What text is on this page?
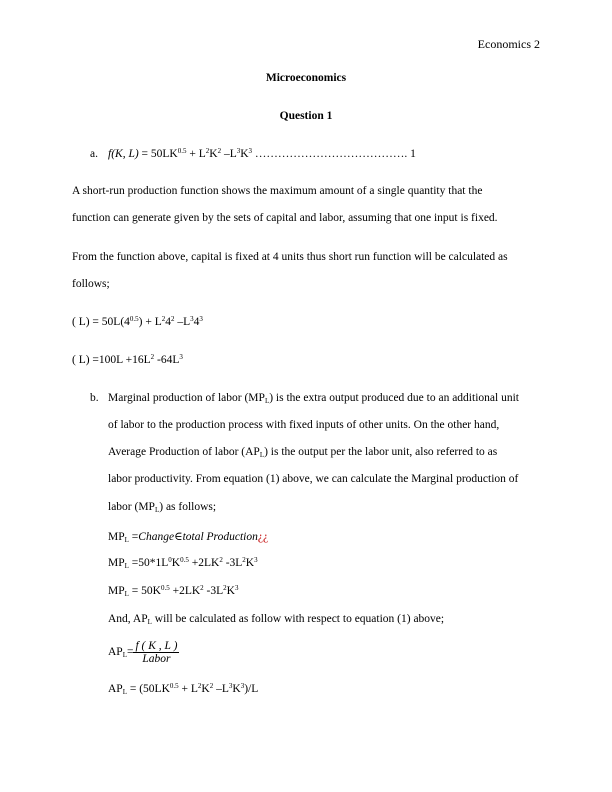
Economics 2
Microeconomics
Question 1
a. f(K, $L) = 50LK^{0.5} + L^2K^2$ $-L^3K^3$ …………………………………. 1
A short-run production function shows the maximum amount of a single quantity that the
function can generate given by the sets of capital and labor, assuming that one input is fixed.
From the function above, capital is fixed at 4 units thus short run function will be calculated as
follows;
( $L) = 50L(4^{0.5}) + L^24^2$ $-L^34^3$
( $L) =100L +16L^2$ $-64L^3$
b. Marginal production of labor $(MP_L)$ is the extra output produced due to an additional unit
of labor to the production process with fixed inputs of other units. On the other hand,
Average Production of labor $(AP_L)$ is the output per the labor unit, also referred to as
labor productivity. From equation (1) above, we can calculate the Marginal production of
labor $(MP_L)$ as follows;
$MP_L$ =Change∈total Production¿¿
$MP_L =50*1L^0K^{0.5} +2LK^2$ $-3L^2K^3$
$MP_L = 50K^{0.5} +2LK^2$ $-3L^2K^3$
And, $AP_L$ will be calculated as follow with respect to equation (1) above;
$AP_L= \frac{f ( K , L )}{\text{Labor}}$
$AP_L = (50LK^{0.5} + L^2K^2$ $-L^3K^3)/L$
